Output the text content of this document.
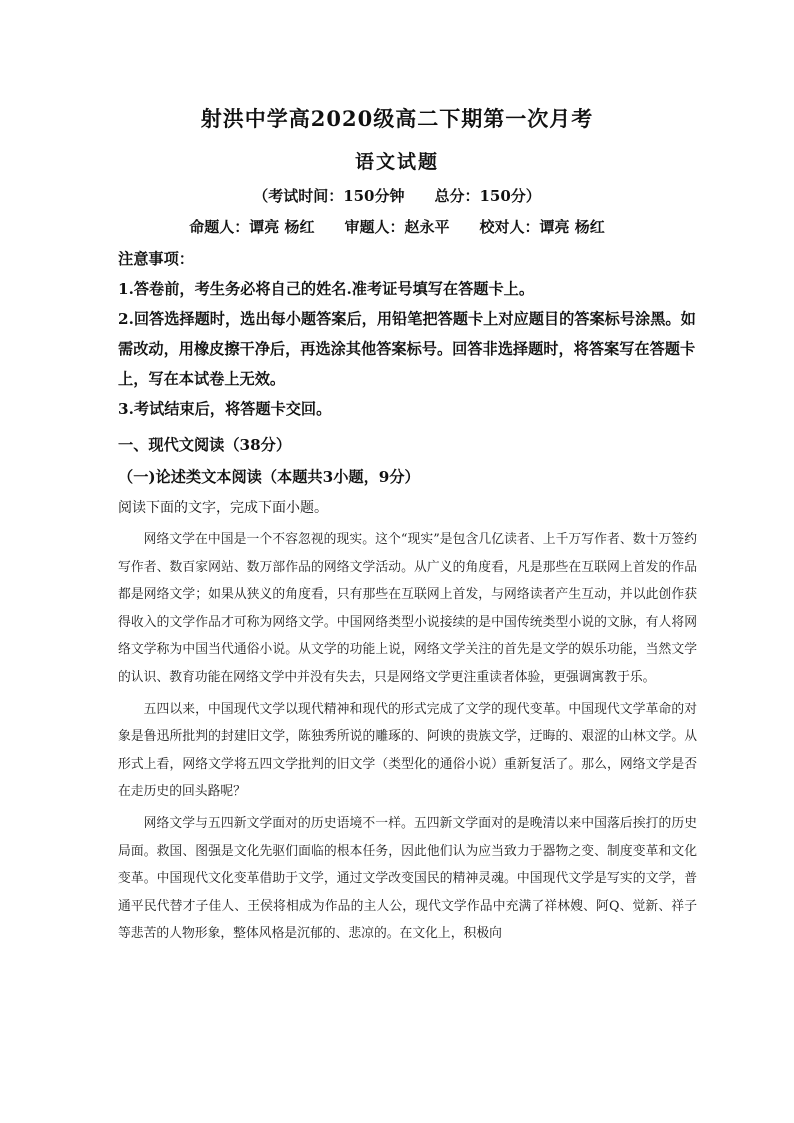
射洪中学高2020级高二下期第一次月考
语文试题
（考试时间：150分钟　　总分：150分）
命题人：谭亮 杨红　　审题人：赵永平　　校对人：谭亮 杨红

注意事项：

1.答卷前，考生务必将自己的姓名.准考证号填写在答题卡上。

2.回答选择题时，选出每小题答案后，用铅笔把答题卡上对应题目的答案标号涂黑。如需改动，用橡皮擦干净后，再选涂其他答案标号。回答非选择题时，将答案写在答题卡上，写在本试卷上无效。

3.考试结束后，将答题卡交回。

一、现代文阅读（38分）
（一)论述类文本阅读（本题共3小题，9分）
阅读下面的文字，完成下面小题。

网络文学在中国是一个不容忽视的现实。这个“现实”是包含几亿读者、上千万写作者、数十万签约写作者、数百家网站、数万部作品的网络文学活动。从广义的角度看，凡是那些在互联网上首发的作品都是网络文学；如果从狭义的角度看，只有那些在互联网上首发，与网络读者产生互动，并以此创作获得收入的文学作品才可称为网络文学。中国网络类型小说接续的是中国传统类型小说的文脉，有人将网络文学称为中国当代通俗小说。从文学的功能上说，网络文学关注的首先是文学的娱乐功能，当然文学的认识、教育功能在网络文学中并没有失去，只是网络文学更注重读者体验，更强调寓教于乐。

五四以来，中国现代文学以现代精神和现代的形式完成了文学的现代变革。中国现代文学革命的对象是鲁迅所批判的封建旧文学，陈独秀所说的雕琢的、阿谀的贵族文学，迂晦的、艰涩的山林文学。从形式上看，网络文学将五四文学批判的旧文学（类型化的通俗小说）重新复活了。那么，网络文学是否在走历史的回头路呢？

网络文学与五四新文学面对的历史语境不一样。五四新文学面对的是晚清以来中国落后挨打的历史局面。救国、图强是文化先驱们面临的根本任务，因此他们认为应当致力于器物之变、制度变革和文化变革。中国现代文化变革借助于文学，通过文学改变国民的精神灵魂。中国现代文学是写实的文学，普通平民代替才子佳人、王侯将相成为作品的主人公，现代文学作品中充满了祥林嫂、阿Q、觉新、祥子等悲苦的人物形象，整体风格是沉郁的、悲凉的。在文化上，积极向
